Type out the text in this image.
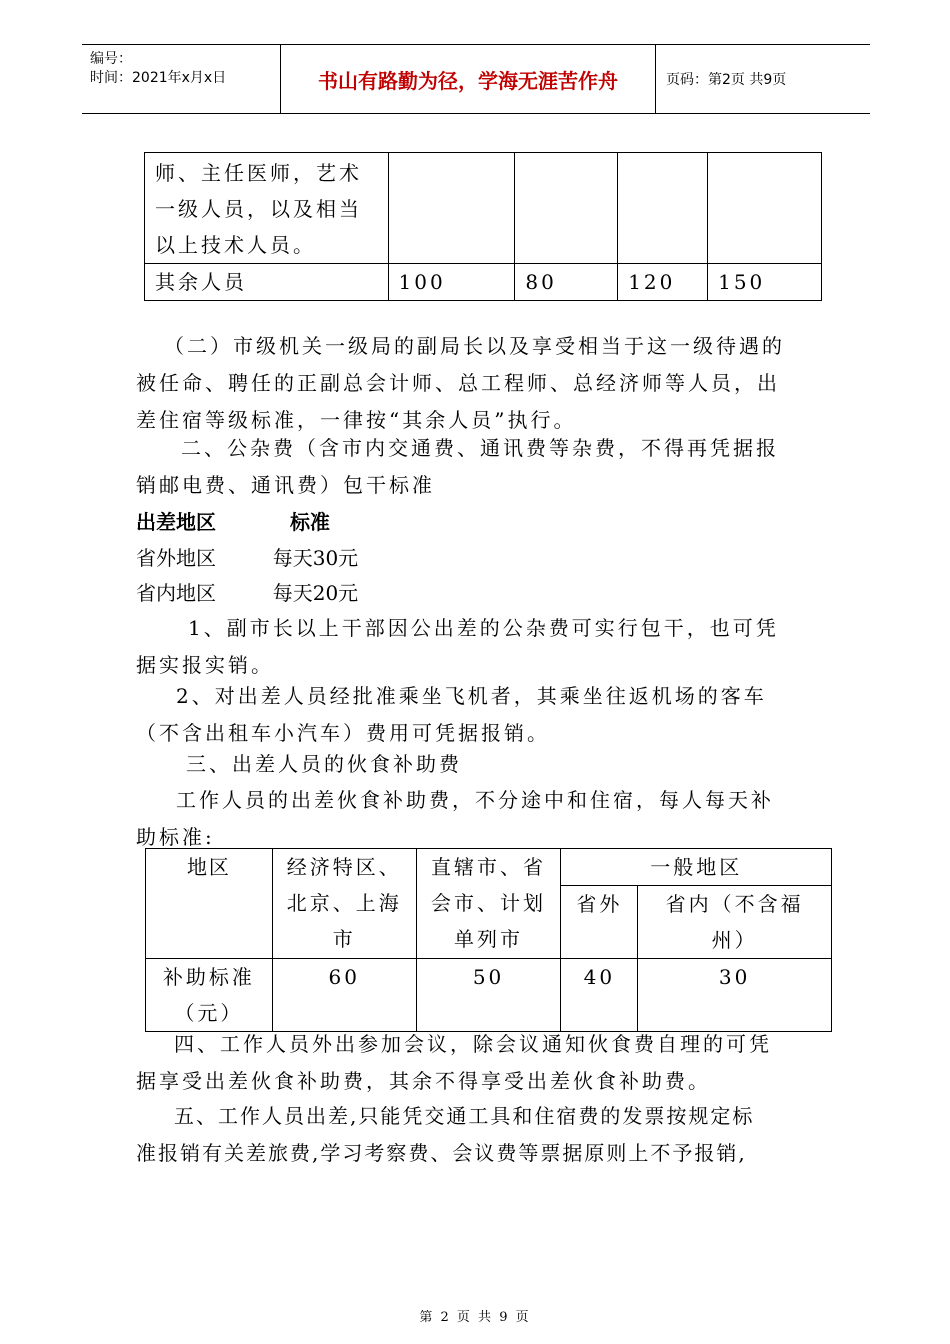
编号：
时间：2021年x月x日	书山有路勤为径，学海无涯苦作舟	页码：第2页 共9页
师、主任医师，艺术
一级人员，以及相当
以上技术人员。				

其余人员	100	80	120	150
（二）市级机关一级局的副局长以及享受相当于这一级待遇的
被任命、聘任的正副总会计师、总工程师、总经济师等人员，出
差住宿等级标准，一律按“其余人员”执行。
二、公杂费（含市内交通费、通讯费等杂费，不得再凭据报
销邮电费、通讯费）包干标准
出差地区	标准
省外地区	每天30元
省内地区	每天20元
1、副市长以上干部因公出差的公杂费可实行包干，也可凭
据实报实销。
2、对出差人员经批准乘坐飞机者，其乘坐往返机场的客车
（不含出租车小汽车）费用可凭据报销。
三、出差人员的伙食补助费
工作人员的出差伙食补助费，不分途中和住宿，每人每天补
助标准:
地区	经济特区、北京、上海市	直辖市、省会市、计划单列市	一般地区	
			省外	省内（不含福州）
补助标准（元）	60	50	40	30
四、工作人员外出参加会议，除会议通知伙食费自理的可凭
据享受出差伙食补助费，其余不得享受出差伙食补助费。
五、工作人员出差,只能凭交通工具和住宿费的发票按规定标
准报销有关差旅费,学习考察费、会议费等票据原则上不予报销,
第 2 页 共 9 页
